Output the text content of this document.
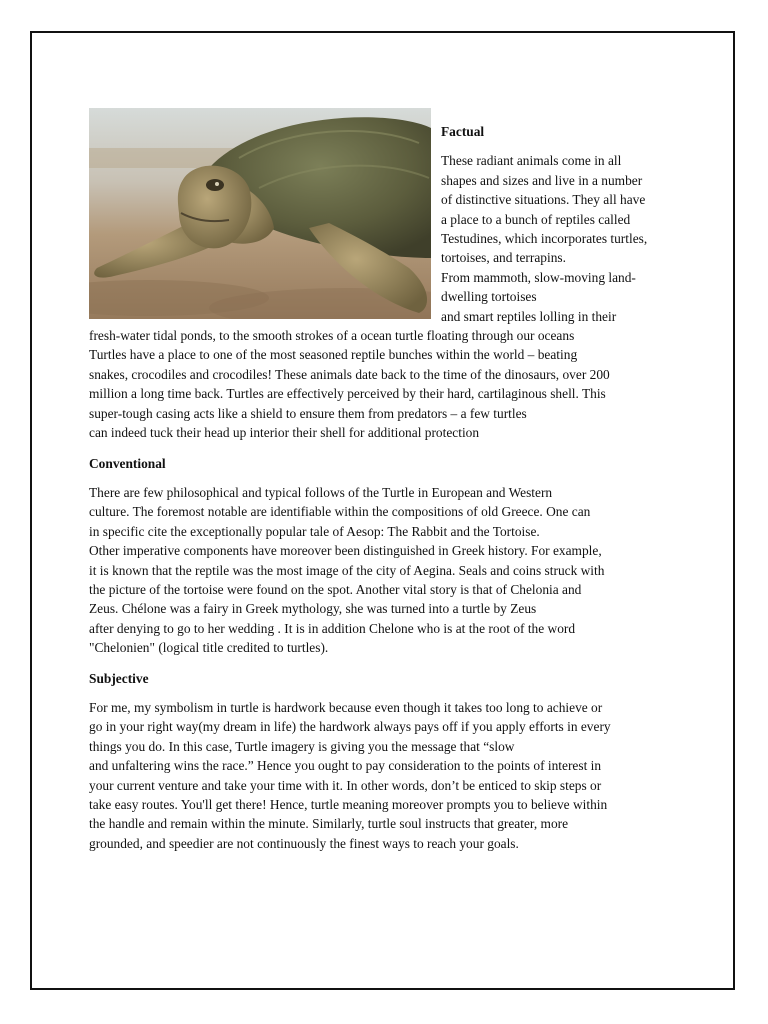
Factual
These radiant animals come in all
shapes and sizes and live in a number
of distinctive situations. They all have
a place to a bunch of reptiles called
Testudines, which incorporates turtles,
tortoises, and terrapins.
From mammoth, slow-moving land-
dwelling tortoises
and smart reptiles lolling in their
fresh-water tidal ponds, to the smooth strokes of a ocean turtle floating through our oceans
Turtles have a place to one of the most seasoned reptile bunches within the world – beating
snakes, crocodiles and crocodiles! These animals date back to the time of the dinosaurs, over 200
million a long time back. Turtles are effectively perceived by their hard, cartilaginous shell. This
super-tough casing acts like a shield to ensure them from predators – a few turtles
can indeed tuck their head up interior their shell for additional protection
Conventional
There are few philosophical and typical follows of the Turtle in European and Western
culture. The foremost notable are identifiable within the compositions of old Greece. One can
in specific cite the exceptionally popular tale of Aesop: The Rabbit and the Tortoise.
Other imperative components have moreover been distinguished in Greek history. For example,
it is known that the reptile was the most image of the city of Aegina. Seals and coins struck with
the picture of the tortoise were found on the spot. Another vital story is that of Chelonia and
Zeus. Chélone was a fairy in Greek mythology, she was turned into a turtle by Zeus
after denying to go to her wedding . It is in addition Chelone who is at the root of the word
"Chelonien" (logical title credited to turtles).
Subjective
For me, my symbolism in turtle is hardwork because even though it takes too long to achieve or
go in your right way(my dream in life) the hardwork always pays off if you apply efforts in every
things you do. In this case, Turtle imagery is giving you the message that “slow
and unfaltering wins the race.” Hence you ought to pay consideration to the points of interest in
your current venture and take your time with it. In other words, don’t be enticed to skip steps or
take easy routes. You'll get there! Hence, turtle meaning moreover prompts you to believe within
the handle and remain within the minute. Similarly, turtle soul instructs that greater, more
grounded, and speedier are not continuously the finest ways to reach your goals.
